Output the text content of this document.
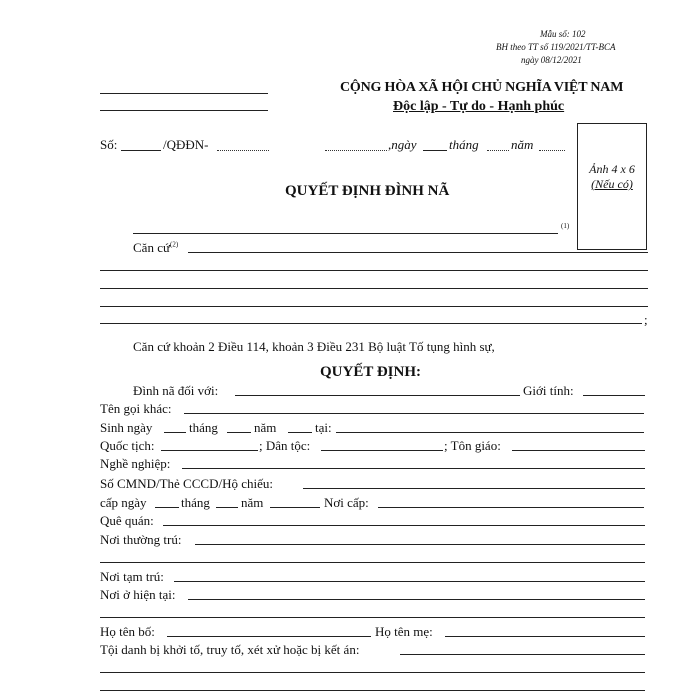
Mẫu số: 102
BH theo TT số 119/2021/TT-BCA
ngày 08/12/2021
CỘNG HÒA XÃ HỘI CHỦ NGHĨA VIỆT NAM
Độc lập - Tự do - Hạnh phúc
Số:	/QĐĐN-	,ngày tháng năm
Ảnh 4 x 6
(Nếu có)
QUYẾT ĐỊNH ĐÌNH NÃ
(1)
Căn cứ$^{(2)}$
;
Căn cứ khoản 2 Điều 114, khoản 3 Điều 231 Bộ luật Tố tụng hình sự,
QUYẾT ĐỊNH:
Đình nã đối với:	Giới tính:
Tên gọi khác:
Sinh ngày	tháng	năm	tại:
Quốc tịch:	; Dân tộc:	; Tôn giáo:
Nghề nghiệp:
Số CMND/Thẻ CCCD/Hộ chiếu:
cấp ngày	tháng năm	Nơi cấp:
Quê quán:
Nơi thường trú:
Nơi tạm trú:
Nơi ở hiện tại:
Họ tên bố:	Họ tên mẹ:
Tội danh bị khởi tố, truy tố, xét xử hoặc bị kết án:
